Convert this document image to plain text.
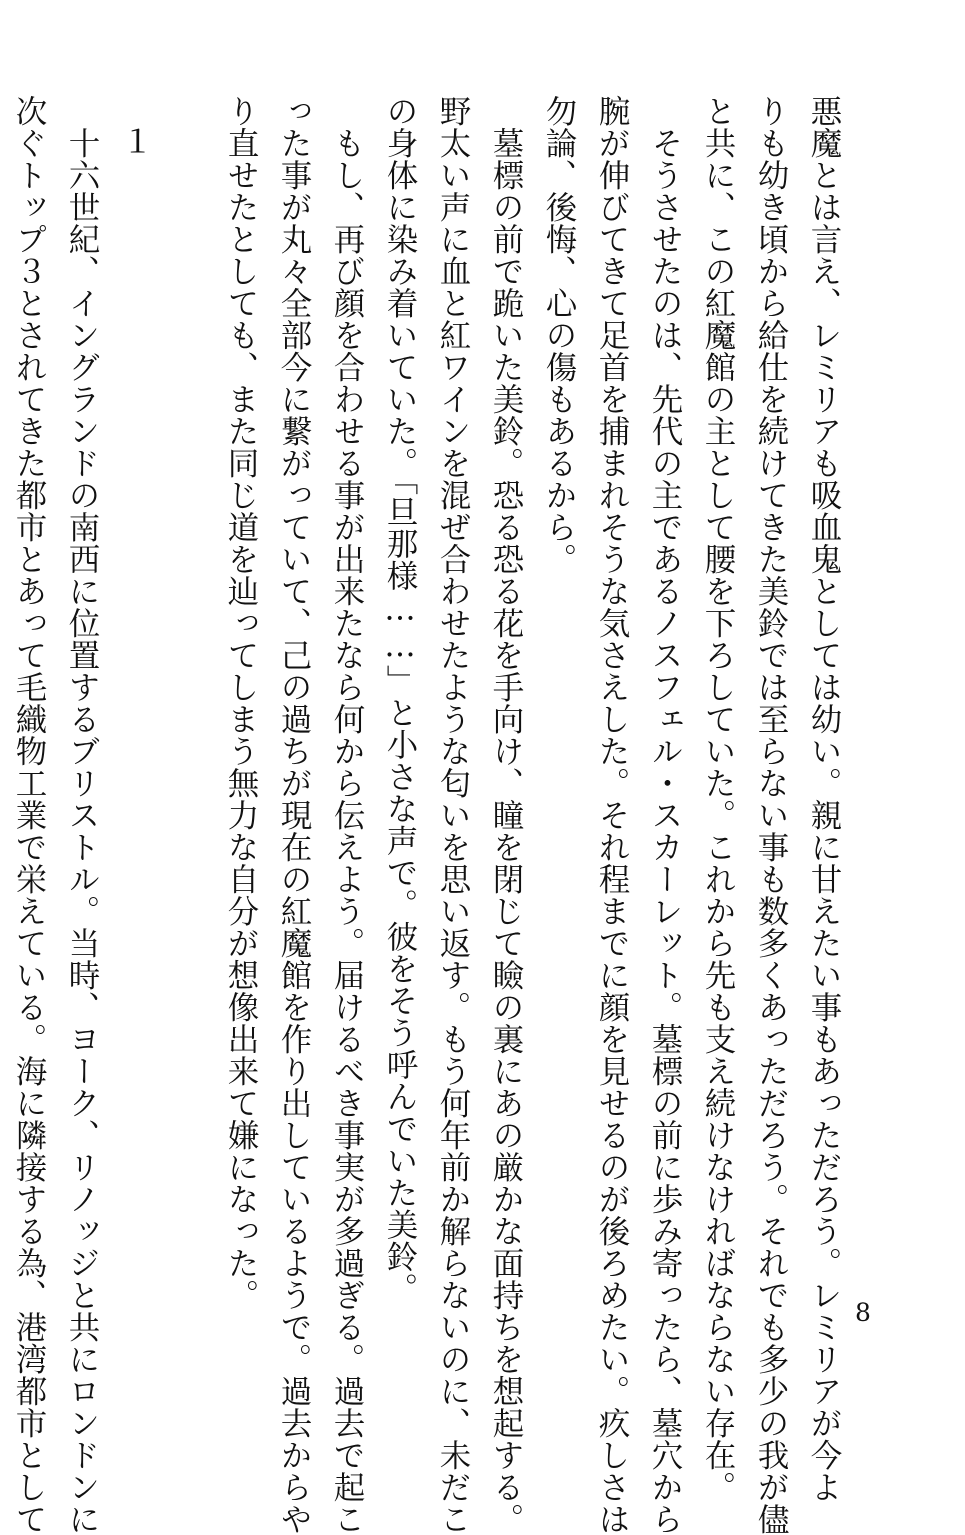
悪魔とは言え、レミリアも吸血鬼としては幼い。親に甘えたい事もあっただろう。レミリアが今よ
りも幼き頃から給仕を続けてきた美鈴では至らない事も数多くあっただろう。それでも多少の我が儘
と共に、この紅魔館の主として腰を下ろしていた。これから先も支え続けなければならない存在。
そうさせたのは、先代の主であるノスフェル・スカーレット。墓標の前に歩み寄ったら、墓穴から
腕が伸びてきて足首を捕まれそうな気さえした。それ程までに顔を見せるのが後ろめたい。疚しさは
勿論、後悔、心の傷もあるから。
墓標の前で跪いた美鈴。恐る恐る花を手向け、瞳を閉じて瞼の裏にあの厳かな面持ちを想起する。
野太い声に血と紅ワインを混ぜ合わせたような匂いを思い返す。もう何年前か解らないのに、未だこ
の身体に染み着いていた。「旦那様……」と小さな声で。彼をそう呼んでいた美鈴。
もし、再び顔を合わせる事が出来たなら何から伝えよう。届けるべき事実が多過ぎる。過去で起こ
った事が丸々全部今に繋がっていて、己の過ちが現在の紅魔館を作り出しているようで。過去からや
り直せたとしても、また同じ道を辿ってしまう無力な自分が想像出来て嫌になった。
１
十六世紀、イングランドの南西に位置するブリストル。当時、ヨーク、リノッジと共にロンドンに
次ぐトップ３とされてきた都市とあって毛織物工業で栄えている。海に隣接する為、港湾都市として	8
